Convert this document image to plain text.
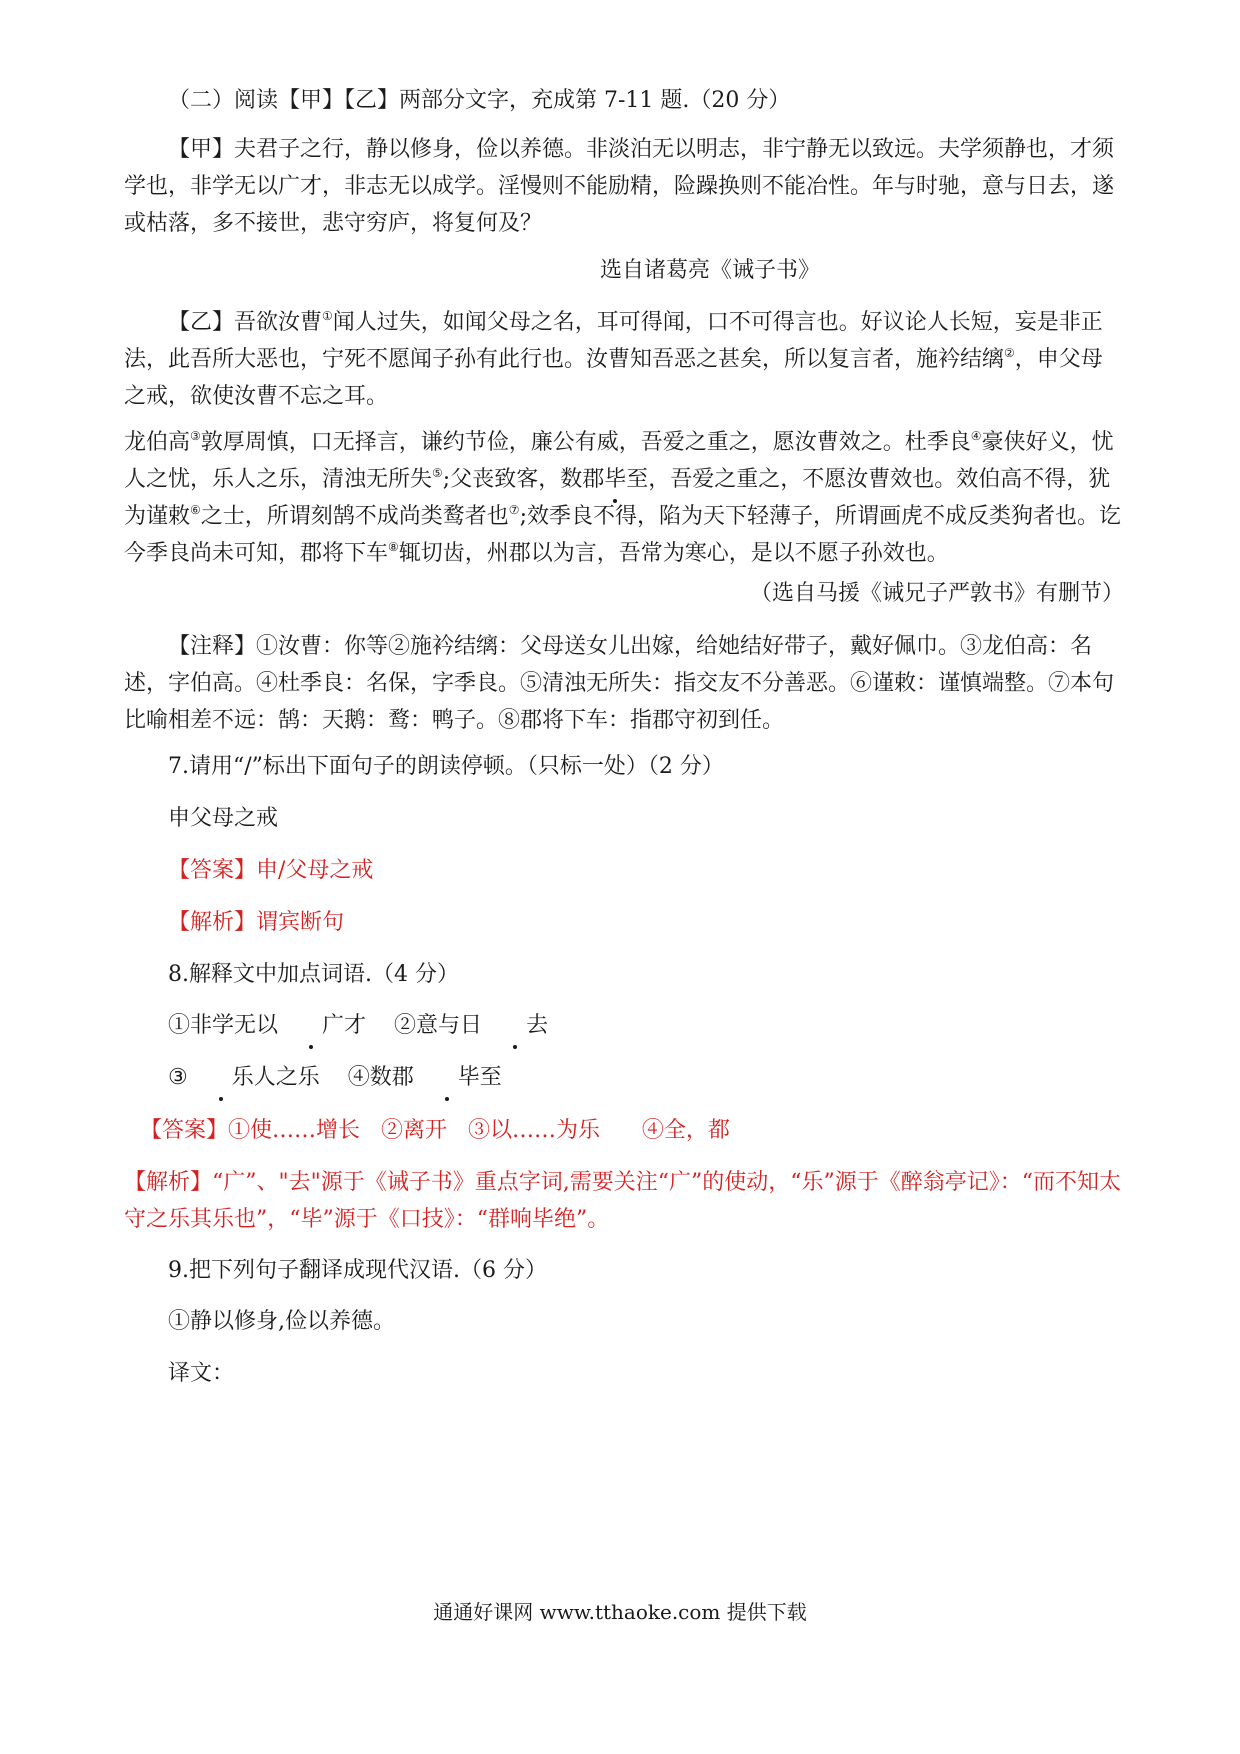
（二）阅读【甲】【乙】两部分文字，充成第 7-11 题.（20 分）

【甲】夫君子之行，静以修身，俭以养德。非淡泊无以明志，非宁静无以致远。夫学须静也，才须学也，非学无以广才，非志无以成学。淫慢则不能励精，险躁换则不能冶性。年与时驰，意与日去，遂或枯落，多不接世，悲守穷庐，将复何及？

选自诸葛亮《诫子书》

【乙】吾欲汝曹①闻人过失，如闻父母之名，耳可得闻，口不可得言也。好议论人长短，妄是非正法，此吾所大恶也，宁死不愿闻子孙有此行也。汝曹知吾恶之甚矣，所以复言者，施衿结缡②，申父母之戒，欲使汝曹不忘之耳。

龙伯高③敦厚周慎，口无择言，谦约节俭，廉公有威，吾爱之重之，愿汝曹效之。杜季良④豪侠好义，忧人之忧，乐人之乐，清浊无所失⑤;父丧致客，数郡毕至，吾爱之重之，不愿汝曹效也。效伯高不得，犹为谨敕⑥之士，所谓刻鹄不成尚类鹜者也⑦;效季良不得，陷为天下轻薄子，所谓画虎不成反类狗者也。讫今季良尚未可知，郡将下车⑧辄切齿，州郡以为言，吾常为寒心，是以不愿子孙效也。

（选自马援《诫兄子严敦书》有删节）

【注释】①汝曹：你等②施衿结缡：父母送女儿出嫁，给她结好带子，戴好佩巾。③龙伯高：名述，字伯高。④杜季良：名保，字季良。⑤清浊无所失：指交友不分善恶。⑥谨敕：谨慎端整。⑦本句比喻相差不远：鹄：天鹅：鹜：鸭子。⑧郡将下车：指郡守初到任。

7.请用“/”标出下面句子的朗读停顿。（只标一处）（2 分）

申父母之戒

【答案】申/父母之戒

【解析】谓宾断句

8.解释文中加点词语.（4 分）

①非学无以 广才 ②意与日 去

③ 乐人之乐 ④数郡 毕至

【答案】①使……增长   ②离开   ③以……为乐      ④全，都

【解析】“广”、"去"源于《诫子书》重点字词,需要关注“广”的使动，“乐”源于《醉翁亭记》：“而不知太守之乐其乐也”，“毕”源于《口技》：“群响毕绝”。

9.把下列句子翻译成现代汉语.（6 分）

①静以修身,俭以养德。

译文：

通通好课网 www.tthaoke.com 提供下载
